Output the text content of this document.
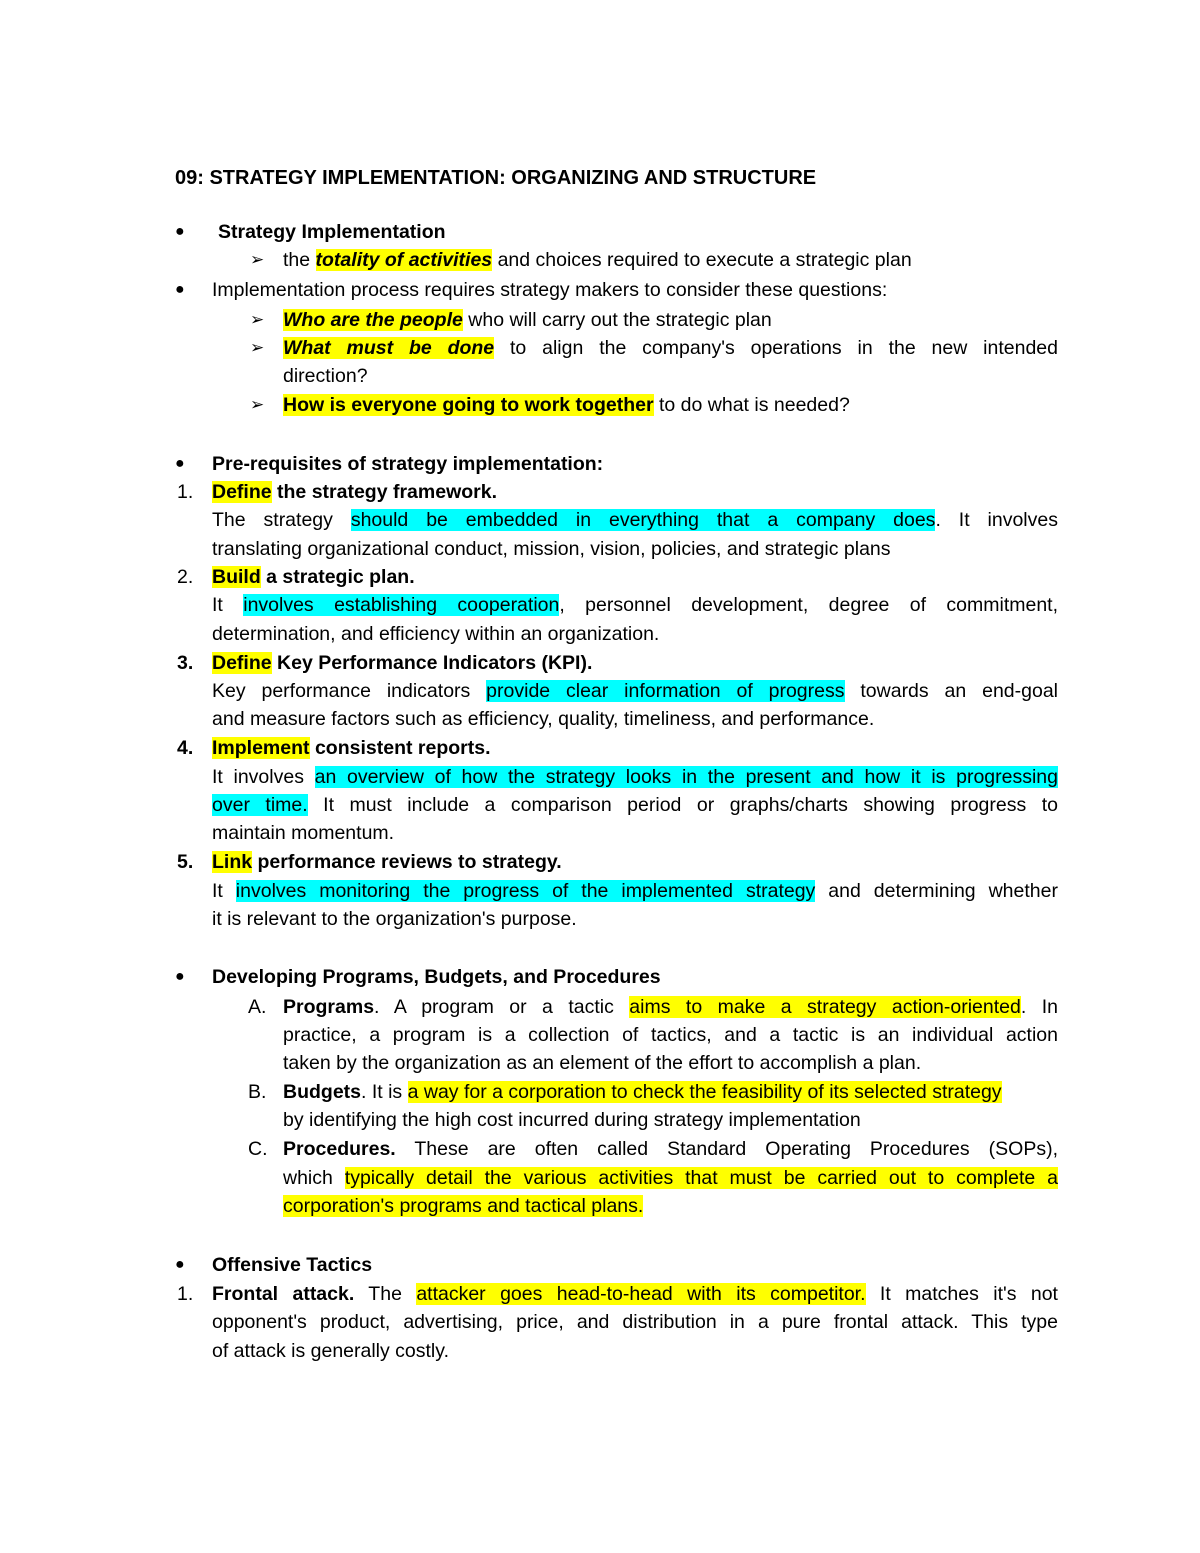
09: STRATEGY IMPLEMENTATION: ORGANIZING AND STRUCTURE
● Strategy Implementation
➢ the totality of activities and choices required to execute a strategic plan
● Implementation process requires strategy makers to consider these questions:
➢ Who are the people who will carry out the strategic plan
➢ What must be done to align the company's operations in the new intended
direction?
➢ How is everyone going to work together to do what is needed?
● Pre-requisites of strategy implementation:
1. Define the strategy framework.
The strategy should be embedded in everything that a company does. It involves
translating organizational conduct, mission, vision, policies, and strategic plans
2. Build a strategic plan.
It involves establishing cooperation, personnel development, degree of commitment,
determination, and efficiency within an organization.
3. Define Key Performance Indicators (KPI).
Key performance indicators provide clear information of progress towards an end-goal
and measure factors such as efficiency, quality, timeliness, and performance.
4. Implement consistent reports.
It involves an overview of how the strategy looks in the present and how it is progressing
over time. It must include a comparison period or graphs/charts showing progress to
maintain momentum.
5. Link performance reviews to strategy.
It involves monitoring the progress of the implemented strategy and determining whether
it is relevant to the organization's purpose.
● Developing Programs, Budgets, and Procedures
A. Programs. A program or a tactic aims to make a strategy action-oriented. In
practice, a program is a collection of tactics, and a tactic is an individual action
taken by the organization as an element of the effort to accomplish a plan.
B. Budgets. It is a way for a corporation to check the feasibility of its selected strategy
by identifying the high cost incurred during strategy implementation
C. Procedures. These are often called Standard Operating Procedures (SOPs),
which typically detail the various activities that must be carried out to complete a
corporation's programs and tactical plans.
● Offensive Tactics
1. Frontal attack. The attacker goes head-to-head with its competitor. It matches it's not
opponent's product, advertising, price, and distribution in a pure frontal attack. This type
of attack is generally costly.
